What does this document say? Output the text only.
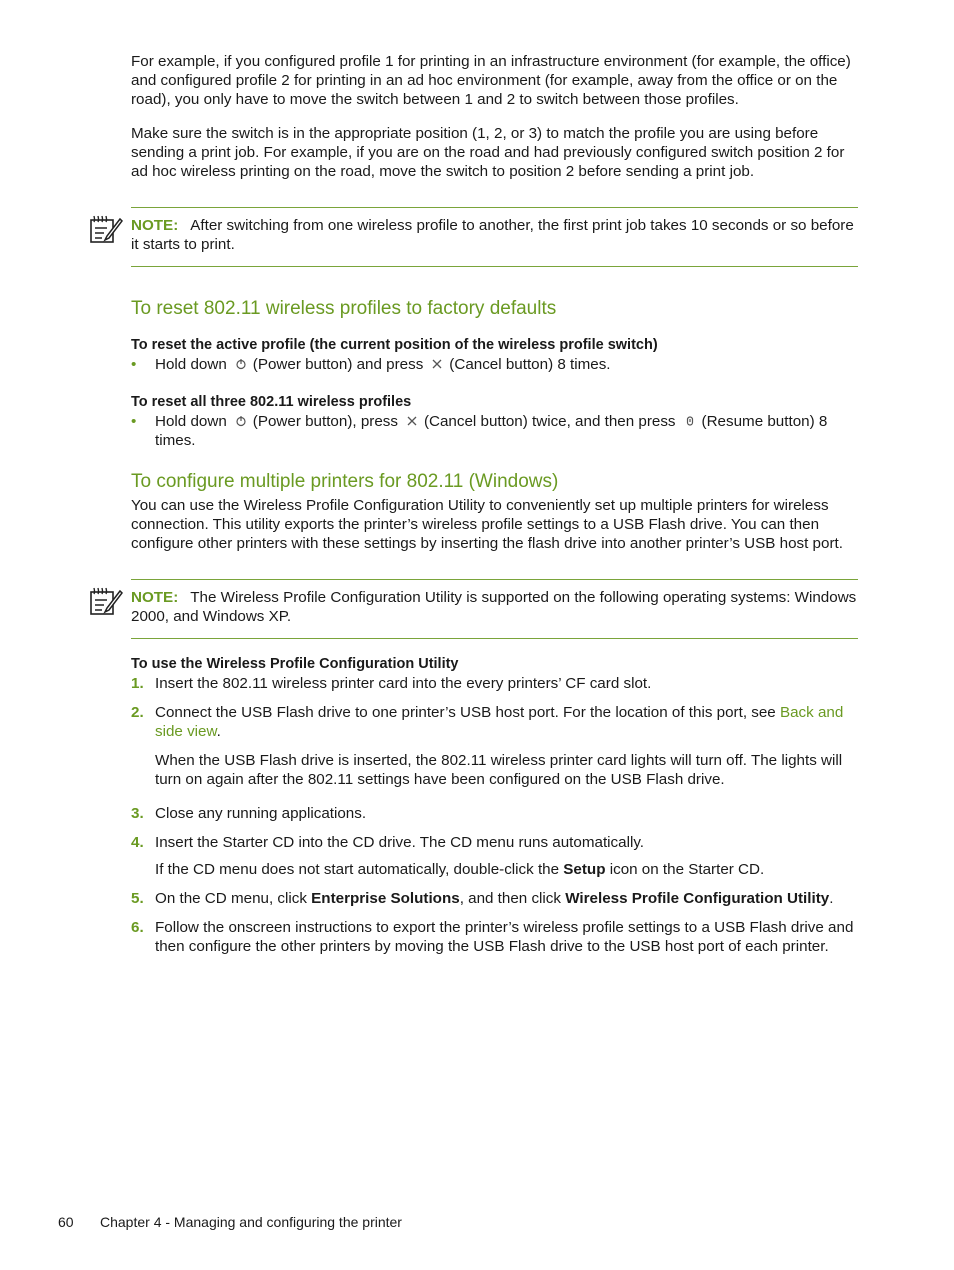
For example, if you configured profile 1 for printing in an infrastructure environment (for example, the office) and configured profile 2 for printing in an ad hoc environment (for example, away from the office or on the road), you only have to move the switch between 1 and 2 to switch between those profiles.

Make sure the switch is in the appropriate position (1, 2, or 3) to match the profile you are using before sending a print job. For example, if you are on the road and had previously configured switch position 2 for ad hoc wireless printing on the road, move the switch to position 2 before sending a print job.

NOTE: After switching from one wireless profile to another, the first print job takes 10 seconds or so before it starts to print.

To reset 802.11 wireless profiles to factory defaults

To reset the active profile (the current position of the wireless profile switch)

• Hold down (Power button) and press (Cancel button) 8 times.

To reset all three 802.11 wireless profiles

• Hold down (Power button), press (Cancel button) twice, and then press (Resume button) 8 times.
To configure multiple printers for 802.11 (Windows)

You can use the Wireless Profile Configuration Utility to conveniently set up multiple printers for wireless connection. This utility exports the printer’s wireless profile settings to a USB Flash drive. You can then configure other printers with these settings by inserting the flash drive into another printer’s USB host port.

NOTE: The Wireless Profile Configuration Utility is supported on the following operating systems: Windows 2000, and Windows XP.

To use the Wireless Profile Configuration Utility

1. Insert the 802.11 wireless printer card into the every printers’ CF card slot.
2. Connect the USB Flash drive to one printer’s USB host port. For the location of this port, see Back and side view.

When the USB Flash drive is inserted, the 802.11 wireless printer card lights will turn off. The lights will turn on again after the 802.11 settings have been configured on the USB Flash drive.

3. Close any running applications.
4. Insert the Starter CD into the CD drive. The CD menu runs automatically.

If the CD menu does not start automatically, double-click the Setup icon on the Starter CD.

5. On the CD menu, click Enterprise Solutions, and then click Wireless Profile Configuration Utility.
6. Follow the onscreen instructions to export the printer’s wireless profile settings to a USB Flash drive and then configure the other printers by moving the USB Flash drive to the USB host port of each printer.
60 Chapter 4 - Managing and configuring the printer
